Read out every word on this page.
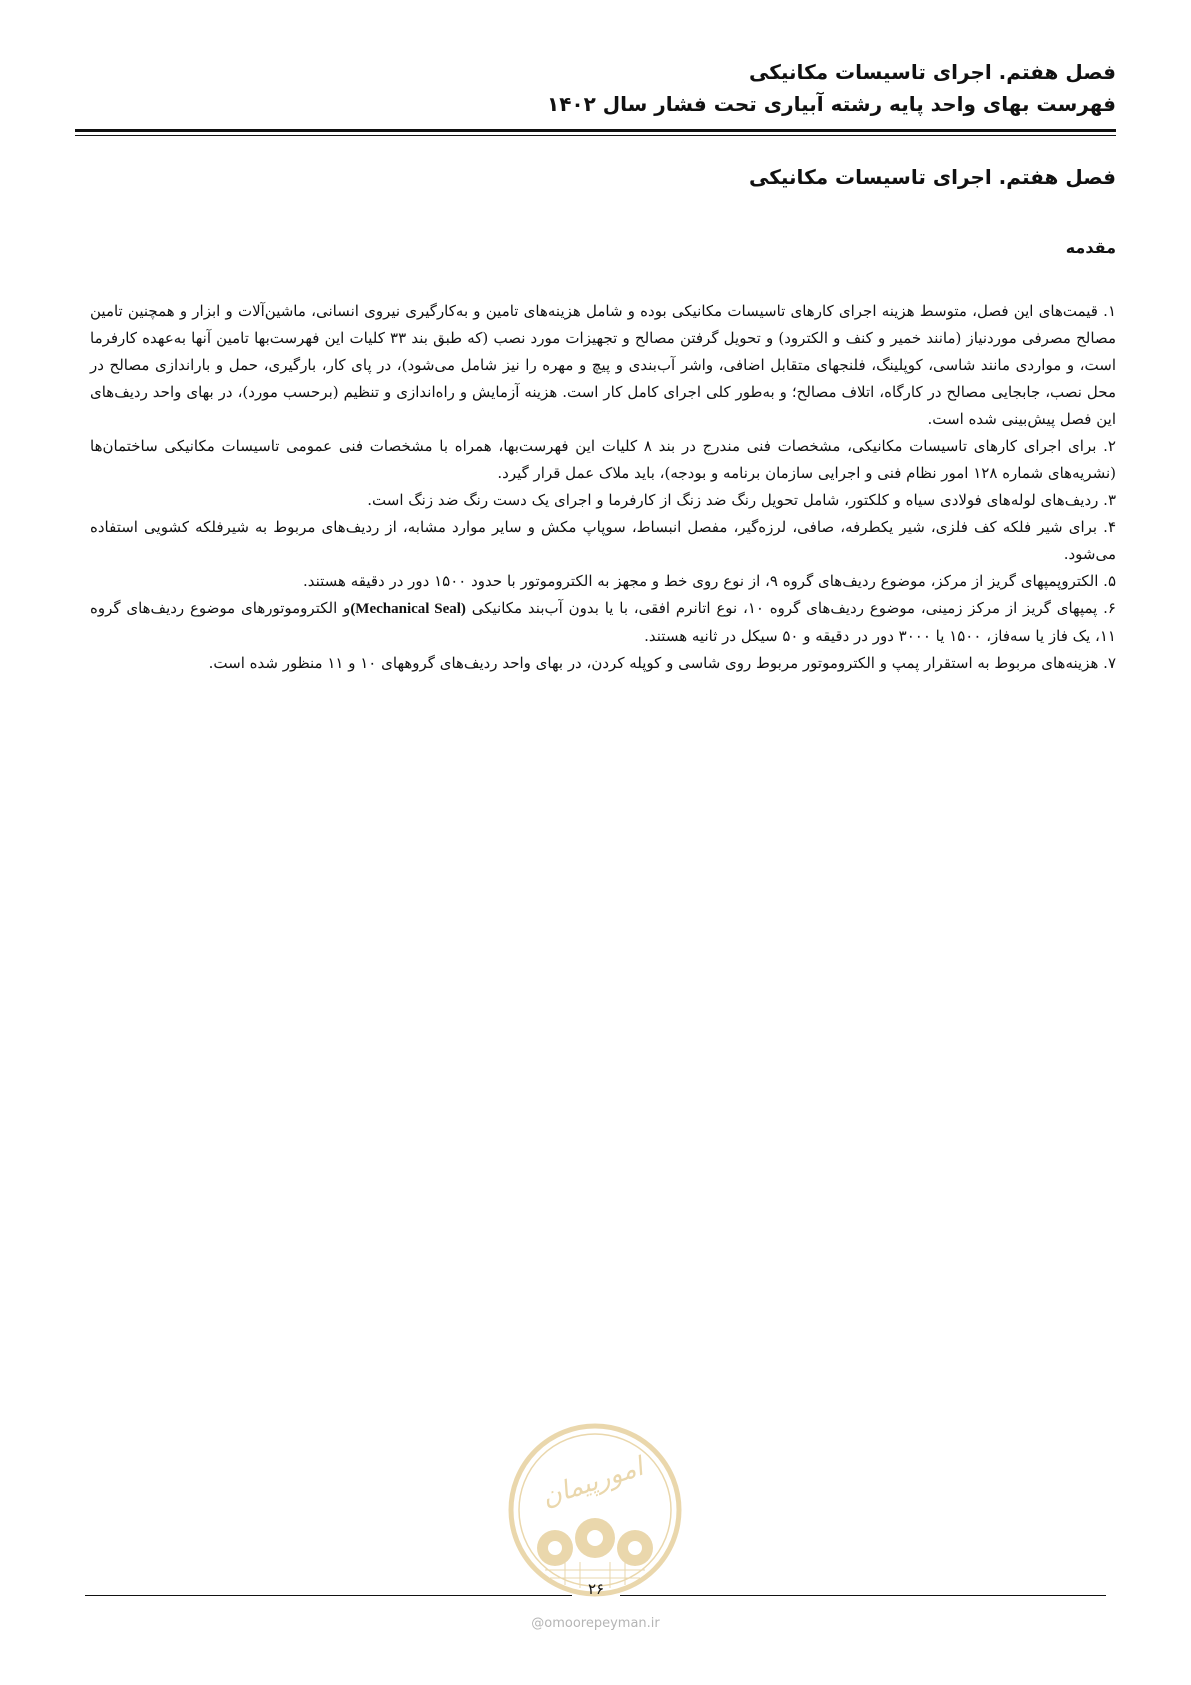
فصل هفتم. اجرای تاسیسات مکانیکی
فهرست بهای واحد پایه رشته آبیاری تحت فشار سال ۱۴۰۲
فصل هفتم. اجرای تاسیسات مکانیکی
مقدمه

۱. قیمت‌های این فصل، متوسط هزینه اجرای کارهای تاسیسات مکانیکی بوده و شامل هزینه‌های تامین و به‌کارگیری نیروی انسانی، ماشین‌آلات و ابزار و همچنین تامین مصالح مصرفی موردنیاز (مانند خمیر و کنف و الکترود) و تحویل گرفتن مصالح و تجهیزات مورد نصب (که طبق بند ۳۳ کلیات این فهرست‌بها تامین آنها به‌عهده کارفرما است، و مواردی مانند شاسی، کوپلینگ، فلنجهای متقابل اضافی، واشر آب‌بندی و پیچ و مهره را نیز شامل می‌شود)، در پای کار، بارگیری، حمل و باراندازی مصالح در محل نصب، جابجایی مصالح در کارگاه، اتلاف مصالح؛ و به‌طور کلی اجرای کامل کار است. هزینه آزمایش و راه‌اندازی و تنظیم (برحسب مورد)، در بهای واحد ردیف‌های این فصل پیش‌بینی شده است.

۲. برای اجرای کارهای تاسیسات مکانیکی، مشخصات فنی مندرج در بند ۸ کلیات این فهرست‌بها، همراه با مشخصات فنی عمومی تاسیسات مکانیکی ساختمان‌ها (نشریه‌های شماره ۱۲۸ امور نظام فنی و اجرایی سازمان برنامه و بودجه)، باید ملاک عمل قرار گیرد.

۳. ردیف‌های لوله‌های فولادی سیاه و کلکتور، شامل تحویل رنگ ضد زنگ از کارفرما و اجرای یک دست رنگ ضد زنگ است.

۴. برای شیر فلکه کف فلزی، شیر یکطرفه، صافی، لرزه‌گیر، مفصل انبساط، سوپاپ مکش و سایر موارد مشابه، از ردیف‌های مربوط به شیرفلکه کشویی استفاده می‌شود.

۵. الکتروپمپهای گریز از مرکز، موضوع ردیف‌های گروه ۹، از نوع روی خط و مجهز به الکتروموتور با حدود ۱۵۰۰ دور در دقیقه هستند.

۶. پمپهای گریز از مرکز زمینی، موضوع ردیف‌های گروه ۱۰، نوع اتانرم افقی، با یا بدون آب‌بند مکانیکی (Mechanical Seal)و الکتروموتورهای موضوع ردیف‌های گروه ۱۱، یک فاز یا سه‌فاز، ۱۵۰۰ یا ۳۰۰۰ دور در دقیقه و ۵۰ سیکل در ثانیه هستند.

۷. هزینه‌های مربوط به استقرار پمپ و الکتروموتور مربوط روی شاسی و کوپله کردن، در بهای واحد ردیف‌های گروههای ۱۰ و ۱۱ منظور شده است.

امورپیمان
۲۶
@omoorepeyman.ir
